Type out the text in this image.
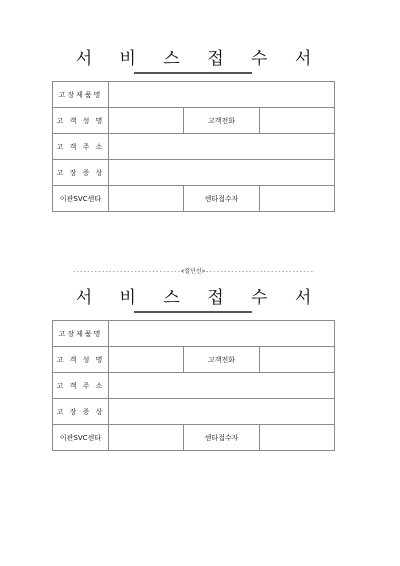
서 비 스 접 수 서
고장제품명			
고 객 성 명		고객전화	
고 객 주 소			
고 장 증 상			
이관SVC센타		센타접수자	
------------------------------<절단선>------------------------------
서 비 스 접 수 서
고장제품명			
고 객 성 명		고객전화	
고 객 주 소			
고 장 증 상			
이관SVC센타		센타접수자	
